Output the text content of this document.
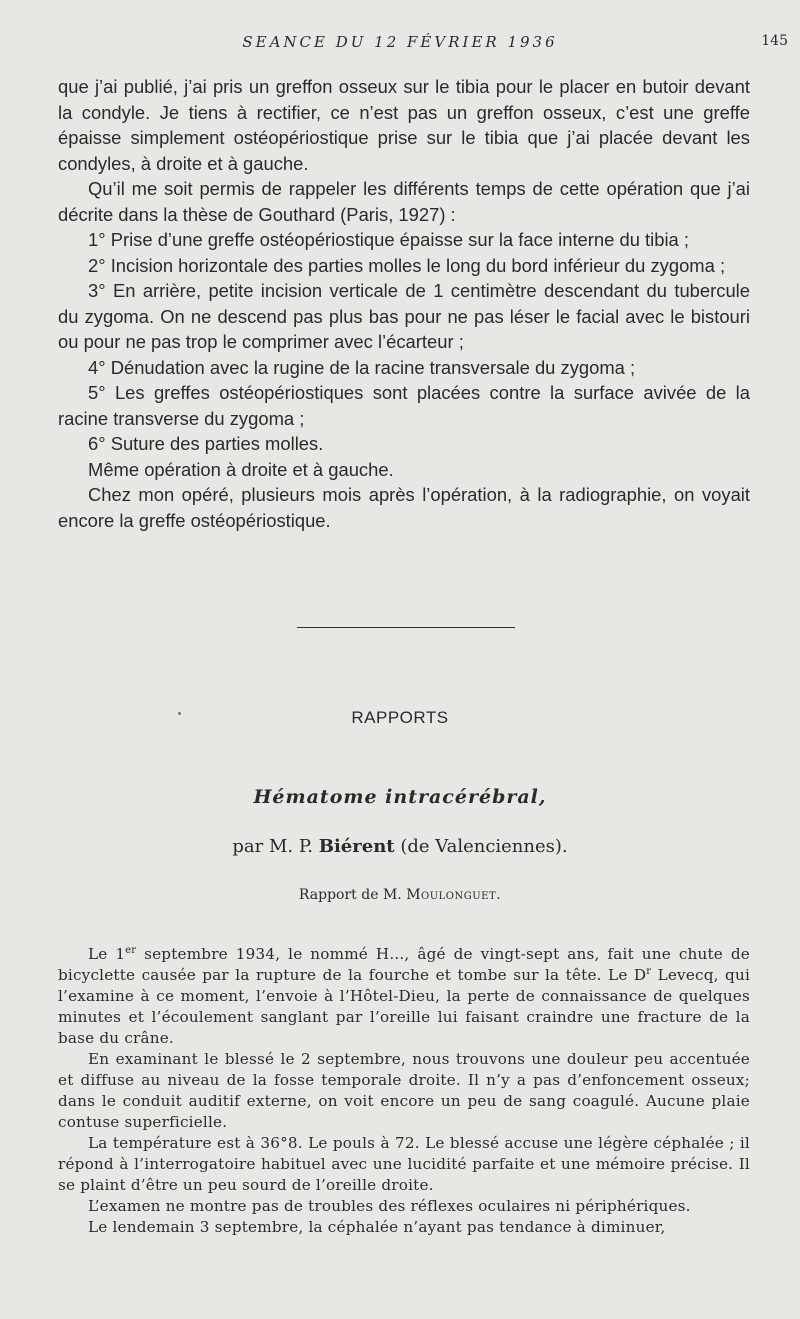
SEANCE DU 12 FÉVRIER 1936	145

que j’ai publié, j’ai pris un greffon osseux sur le tibia pour le placer en butoir devant la condyle. Je tiens à rectifier, ce n’est pas un greffon osseux, c’est une greffe épaisse simplement ostéopériostique prise sur le tibia que j’ai placée devant les condyles, à droite et à gauche.

Qu’il me soit permis de rappeler les différents temps de cette opération que j’ai décrite dans la thèse de Gouthard (Paris, 1927) :

1° Prise d’une greffe ostéopériostique épaisse sur la face interne du tibia ;

2° Incision horizontale des parties molles le long du bord inférieur du zygoma ;

3° En arrière, petite incision verticale de 1 centimètre descendant du tubercule du zygoma. On ne descend pas plus bas pour ne pas léser le facial avec le bistouri ou pour ne pas trop le comprimer avec l’écarteur ;

4° Dénudation avec la rugine de la racine transversale du zygoma ;

5° Les greffes ostéopériostiques sont placées contre la surface avivée de la racine transverse du zygoma ;

6° Suture des parties molles.

Même opération à droite et à gauche.

Chez mon opéré, plusieurs mois après l’opération, à la radiographie, on voyait encore la greffe ostéopériostique.

RAPPORTS
Hématome intracérébral,
par M. P. Biérent (de Valenciennes).
Rapport de M. Moulonguet.

Le 1er septembre 1934, le nommé H..., âgé de vingt-sept ans, fait une chute de bicyclette causée par la rupture de la fourche et tombe sur la tête. Le $D^r$ Levecq, qui l’examine à ce moment, l’envoie à l’Hôtel-Dieu, la perte de connaissance de quelques minutes et l’écoulement sanglant par l’oreille lui faisant craindre une fracture de la base du crâne.

En examinant le blessé le 2 septembre, nous trouvons une douleur peu accentuée et diffuse au niveau de la fosse temporale droite. Il n’y a pas d’enfoncement osseux; dans le conduit auditif externe, on voit encore un peu de sang coagulé. Aucune plaie contuse superficielle.

La température est à 36°8. Le pouls à 72. Le blessé accuse une légère céphalée ; il répond à l’interrogatoire habituel avec une lucidité parfaite et une mémoire précise. Il se plaint d’être un peu sourd de l’oreille droite.

L’examen ne montre pas de troubles des réflexes oculaires ni périphériques.

Le lendemain 3 septembre, la céphalée n’ayant pas tendance à diminuer,
